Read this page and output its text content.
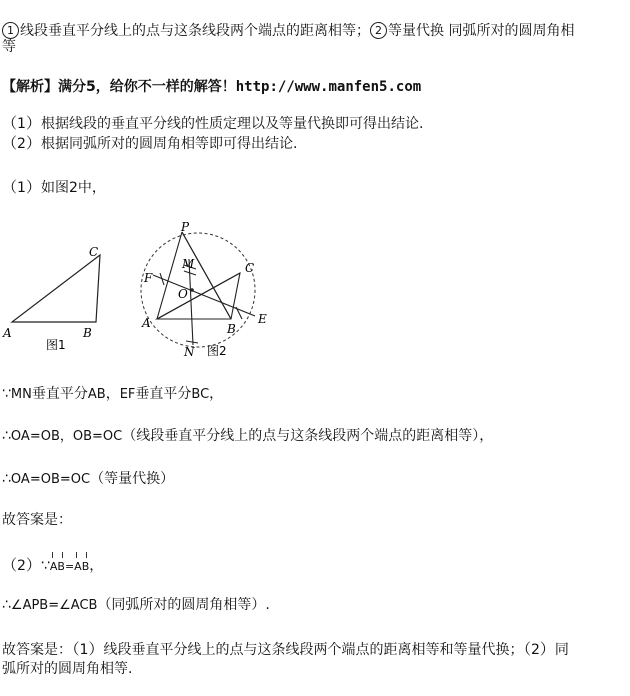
1 线段垂直平分线上的点与这条线段两个端点的距离相等； 2 等量代换 同弧所对的圆周角相
等
【解析】满分5，给你不一样的解答！http://www.manfen5.com
（1）根据线段的垂直平分线的性质定理以及等量代换即可得出结论.
（2）根据同弧所对的圆周角相等即可得出结论.
（1）如图2中，
C
A	B
图1
P
M
F
O
C
A	B
E
N 图2
∵MN垂直平分AB，EF垂直平分BC，
∴OA=OB，OB=OC（线段垂直平分线上的点与这条线段两个端点的距离相等），
∴OA=OB=OC（等量代换）
故答案是：
（2）∵AB=AB，
∴∠APB=∠ACB（同弧所对的圆周角相等）.
故答案是：（1）线段垂直平分线上的点与这条线段两个端点的距离相等和等量代换；（2）同
弧所对的圆周角相等.
